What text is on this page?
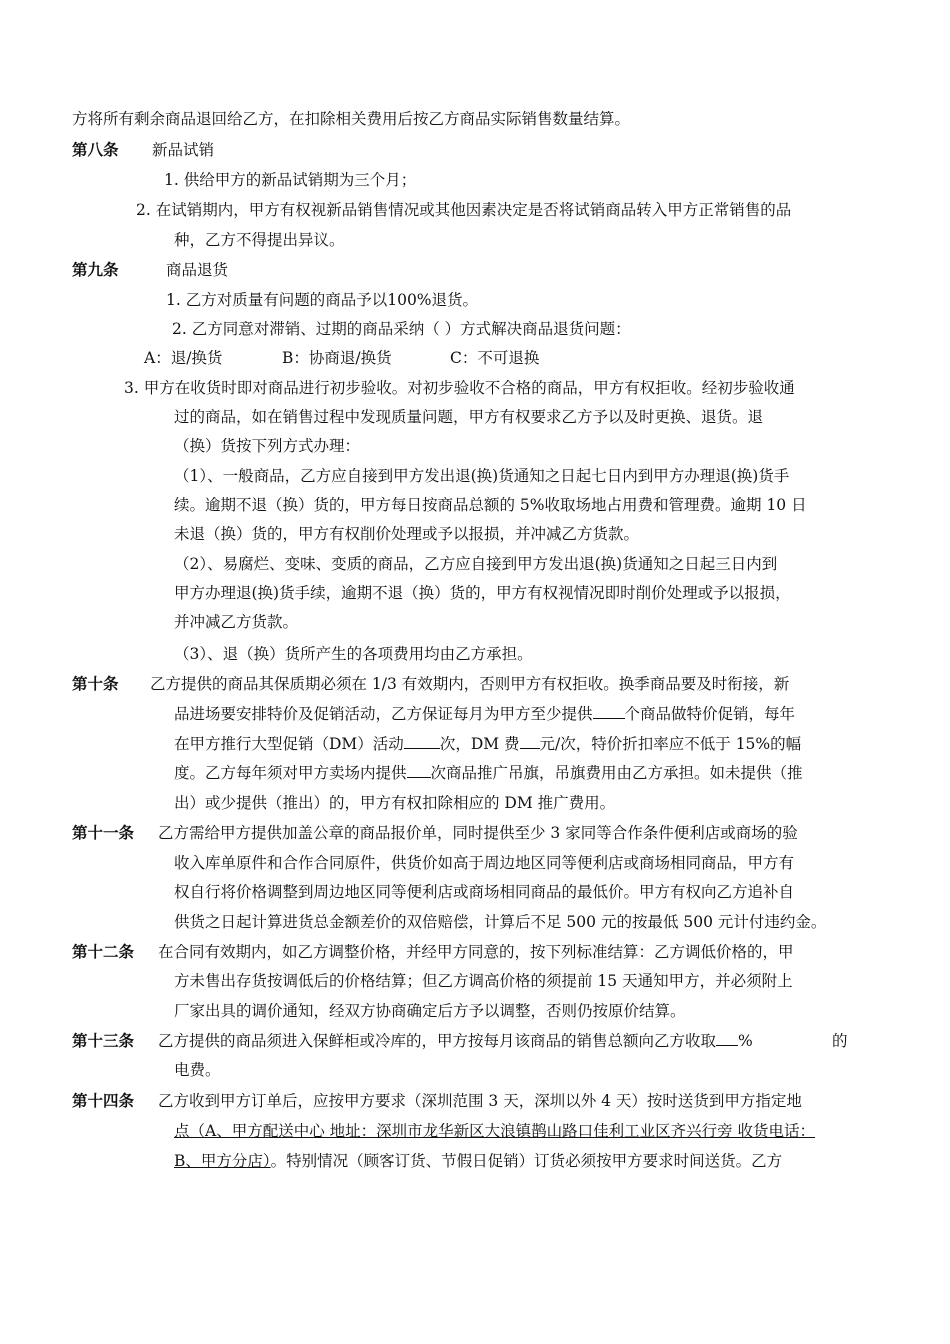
方将所有剩余商品退回给乙方，在扣除相关费用后按乙方商品实际销售数量结算。
第八条 新品试销
1. 供给甲方的新品试销期为三个月；
2. 在试销期内，甲方有权视新品销售情况或其他因素决定是否将试销商品转入甲方正常销售的品
种，乙方不得提出异议。
第九条	商品退货
1. 乙方对质量有问题的商品予以100%退货。
2. 乙方同意对滞销、过期的商品采纳（ ）方式解决商品退货问题：
A：退/换货	B：协商退/换货	C：不可退换
3. 甲方在收货时即对商品进行初步验收。对初步验收不合格的商品，甲方有权拒收。经初步验收通
过的商品，如在销售过程中发现质量问题，甲方有权要求乙方予以及时更换、退货。退
（换）货按下列方式办理：
（1）、一般商品，乙方应自接到甲方发出退(换)货通知之日起七日内到甲方办理退(换)货手
续。逾期不退（换）货的，甲方每日按商品总额的 5%收取场地占用费和管理费。逾期 10 日
未退（换）货的，甲方有权削价处理或予以报损，并冲减乙方货款。
（2）、易腐烂、变味、变质的商品，乙方应自接到甲方发出退(换)货通知之日起三日内到
甲方办理退(换)货手续，逾期不退（换）货的，甲方有权视情况即时削价处理或予以报损，
并冲减乙方货款。
（3）、退（换）货所产生的各项费用均由乙方承担。
第十条 乙方提供的商品其保质期必须在 1/3 有效期内，否则甲方有权拒收。换季商品要及时衔接，新
品进场要安排特价及促销活动，乙方保证每月为甲方至少提供 个商品做特价促销，每年
在甲方推行大型促销（DM）活动 次，DM 费 元/次，特价折扣率应不低于 15%的幅
度。乙方每年须对甲方卖场内提供 次商品推广吊旗，吊旗费用由乙方承担。如未提供（推
出）或少提供（推出）的，甲方有权扣除相应的 DM 推广费用。
第十一条 乙方需给甲方提供加盖公章的商品报价单，同时提供至少 3 家同等合作条件便利店或商场的验
收入库单原件和合作合同原件，供货价如高于周边地区同等便利店或商场相同商品，甲方有
权自行将价格调整到周边地区同等便利店或商场相同商品的最低价。甲方有权向乙方追补自
供货之日起计算进货总金额差价的双倍赔偿，计算后不足 500 元的按最低 500 元计付违约金。
第十二条 在合同有效期内，如乙方调整价格，并经甲方同意的，按下列标准结算：乙方调低价格的，甲
方未售出存货按调低后的价格结算；但乙方调高价格的须提前 15 天通知甲方，并必须附上
厂家出具的调价通知，经双方协商确定后方予以调整，否则仍按原价结算。
第十三条 乙方提供的商品须进入保鲜柜或冷库的，甲方按每月该商品的销售总额向乙方收取 %	的
电费。
第十四条 乙方收到甲方订单后，应按甲方要求（深圳范围 3 天，深圳以外 4 天）按时送货到甲方指定地
点（A、甲方配送中心 地址：深圳市龙华新区大浪镇鹊山路口佳利工业区齐兴行旁 收货电话：
B、甲方分店）。特别情况（顾客订货、节假日促销）订货必须按甲方要求时间送货。乙方
